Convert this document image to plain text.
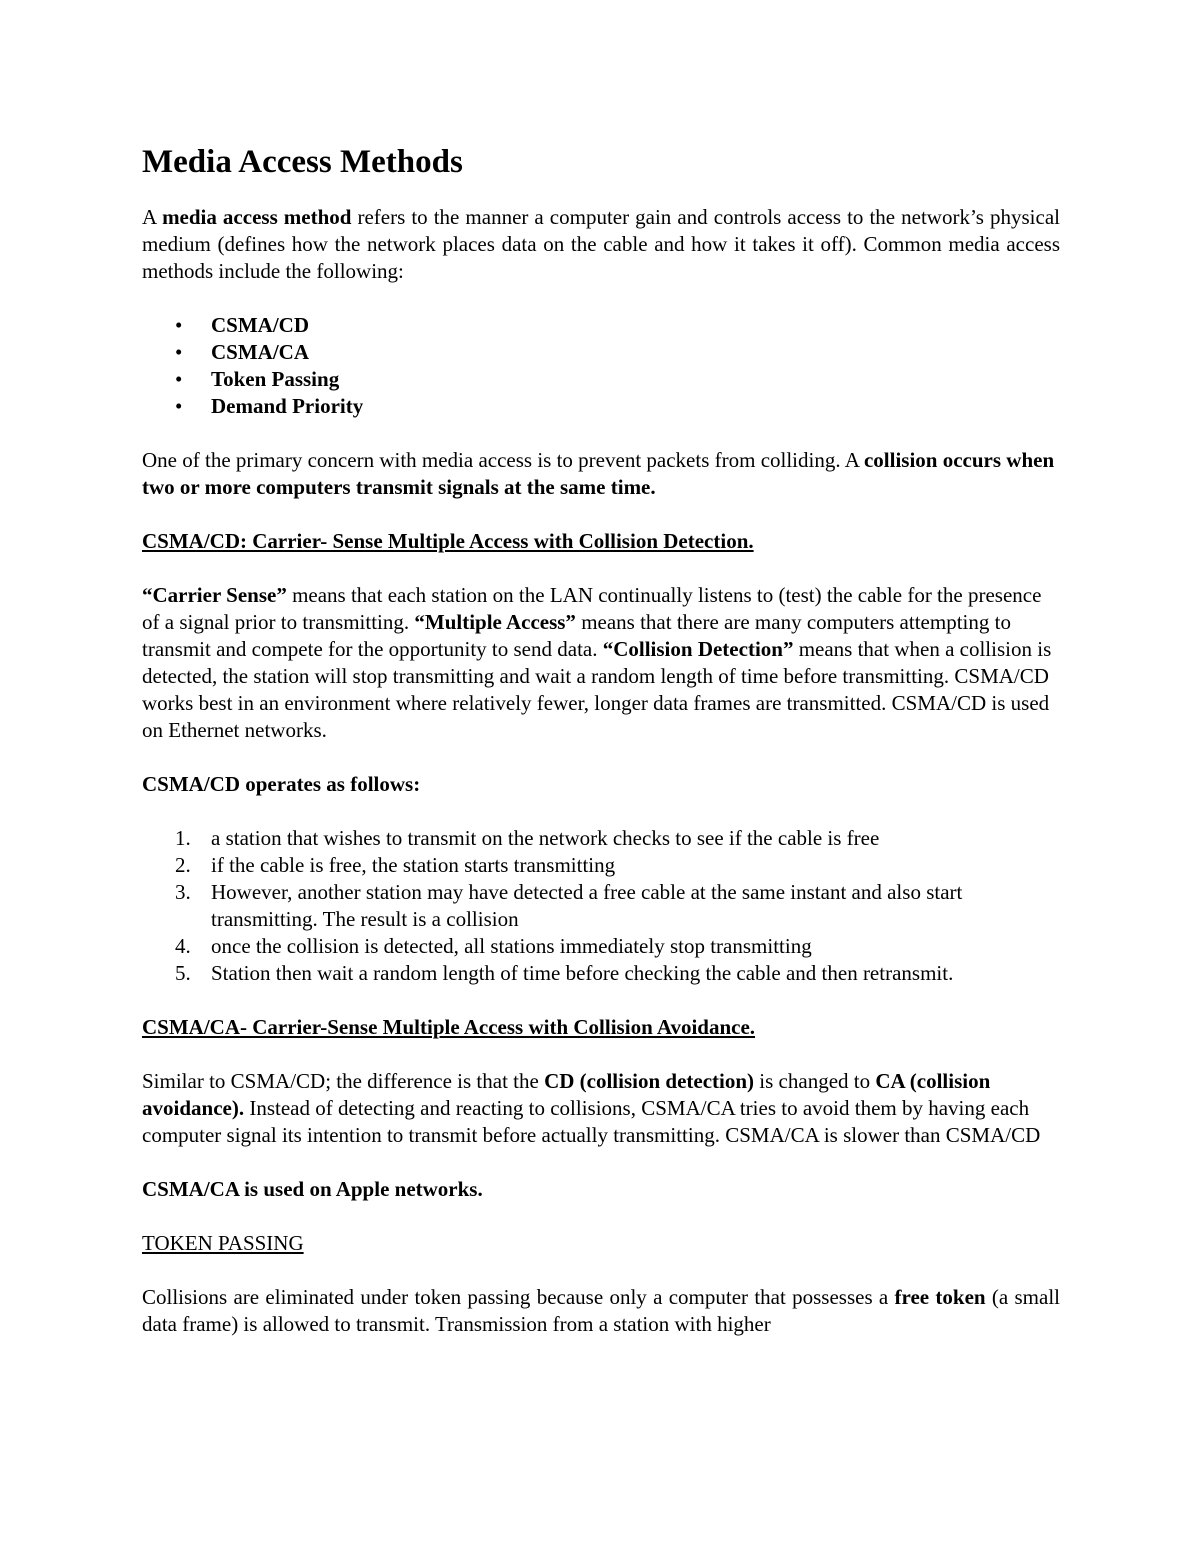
Media Access Methods

A media access method refers to the manner a computer gain and controls access to the network’s physical medium (defines how the network places data on the cable and how it takes it off). Common media access methods include the following:

• CSMA/CD
• CSMA/CA
• Token Passing
• Demand Priority

One of the primary concern with media access is to prevent packets from colliding. A collision occurs when two or more computers transmit signals at the same time.

CSMA/CD: Carrier- Sense Multiple Access with Collision Detection.

“Carrier Sense” means that each station on the LAN continually listens to (test) the cable for the presence of a signal prior to transmitting. “Multiple Access” means that there are many computers attempting to transmit and compete for the opportunity to send data. “Collision Detection” means that when a collision is detected, the station will stop transmitting and wait a random length of time before transmitting. CSMA/CD works best in an environment where relatively fewer, longer data frames are transmitted. CSMA/CD is used on Ethernet networks.

CSMA/CD operates as follows:

1. a station that wishes to transmit on the network checks to see if the cable is free
2. if the cable is free, the station starts transmitting
3. However, another station may have detected a free cable at the same instant and also start transmitting. The result is a collision
4. once the collision is detected, all stations immediately stop transmitting
5. Station then wait a random length of time before checking the cable and then retransmit.

CSMA/CA- Carrier-Sense Multiple Access with Collision Avoidance.

Similar to CSMA/CD; the difference is that the CD (collision detection) is changed to CA (collision avoidance). Instead of detecting and reacting to collisions, CSMA/CA tries to avoid them by having each computer signal its intention to transmit before actually transmitting. CSMA/CA is slower than CSMA/CD

CSMA/CA is used on Apple networks.

TOKEN PASSING

Collisions are eliminated under token passing because only a computer that possesses a free token (a small data frame) is allowed to transmit. Transmission from a station with higher
